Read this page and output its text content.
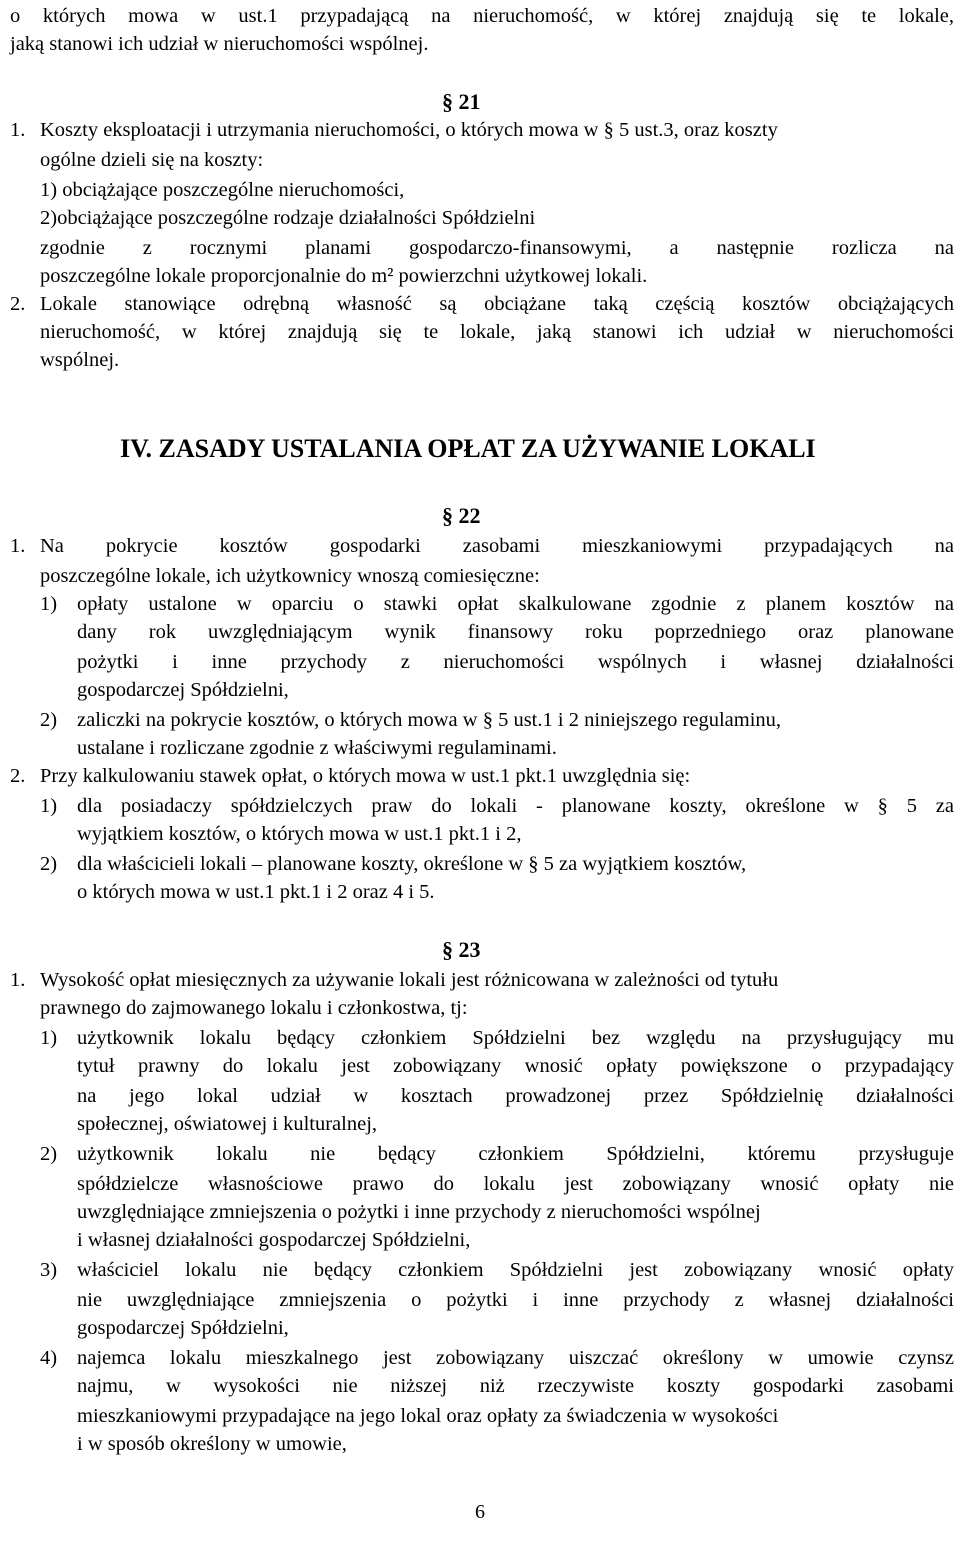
o których mowa w ust.1 przypadającą na nieruchomość, w której znajdują się te lokale,
jaką stanowi ich udział w nieruchomości wspólnej.
§ 21
1. Koszty eksploatacji i utrzymania nieruchomości, o których mowa w § 5 ust.3, oraz koszty
ogólne dzieli się na koszty:
1) obciążające poszczególne nieruchomości,
2)obciążające poszczególne rodzaje działalności Spółdzielni
zgodnie z rocznymi planami gospodarczo-finansowymi, a następnie rozlicza na
poszczególne lokale proporcjonalnie do m² powierzchni użytkowej lokali.
2. Lokale stanowiące odrębną własność są obciążane taką częścią kosztów obciążających
nieruchomość, w której znajdują się te lokale, jaką stanowi ich udział w nieruchomości
wspólnej.
IV. ZASADY USTALANIA OPŁAT ZA UŻYWANIE LOKALI
§ 22
1. Na pokrycie kosztów gospodarki zasobami mieszkaniowymi przypadających na
poszczególne lokale, ich użytkownicy wnoszą comiesięczne:
1) opłaty ustalone w oparciu o stawki opłat skalkulowane zgodnie z planem kosztów na
dany rok uwzględniającym wynik finansowy roku poprzedniego oraz planowane
pożytki i inne przychody z nieruchomości wspólnych i własnej działalności
gospodarczej Spółdzielni,
2) zaliczki na pokrycie kosztów, o których mowa w § 5 ust.1 i 2 niniejszego regulaminu,
ustalane i rozliczane zgodnie z właściwymi regulaminami.
2. Przy kalkulowaniu stawek opłat, o których mowa w ust.1 pkt.1 uwzględnia się:
1) dla posiadaczy spółdzielczych praw do lokali - planowane koszty, określone w § 5 za
wyjątkiem kosztów, o których mowa w ust.1 pkt.1 i 2,
2) dla właścicieli lokali – planowane koszty, określone w § 5 za wyjątkiem kosztów,
o których mowa w ust.1 pkt.1 i 2 oraz 4 i 5.
§ 23
1. Wysokość opłat miesięcznych za używanie lokali jest różnicowana w zależności od tytułu
prawnego do zajmowanego lokalu i członkostwa, tj:
1) użytkownik lokalu będący członkiem Spółdzielni bez względu na przysługujący mu
tytuł prawny do lokalu jest zobowiązany wnosić opłaty powiększone o przypadający
na jego lokal udział w kosztach prowadzonej przez Spółdzielnię działalności
społecznej, oświatowej i kulturalnej,
2) użytkownik lokalu nie będący członkiem Spółdzielni, któremu przysługuje
spółdzielcze własnościowe prawo do lokalu jest zobowiązany wnosić opłaty nie
uwzględniające zmniejszenia o pożytki i inne przychody z nieruchomości wspólnej
i własnej działalności gospodarczej Spółdzielni,
3) właściciel lokalu nie będący członkiem Spółdzielni jest zobowiązany wnosić opłaty
nie uwzględniające zmniejszenia o pożytki i inne przychody z własnej działalności
gospodarczej Spółdzielni,
4) najemca lokalu mieszkalnego jest zobowiązany uiszczać określony w umowie czynsz
najmu, w wysokości nie niższej niż rzeczywiste koszty gospodarki zasobami
mieszkaniowymi przypadające na jego lokal oraz opłaty za świadczenia w wysokości
i w sposób określony w umowie,
6
